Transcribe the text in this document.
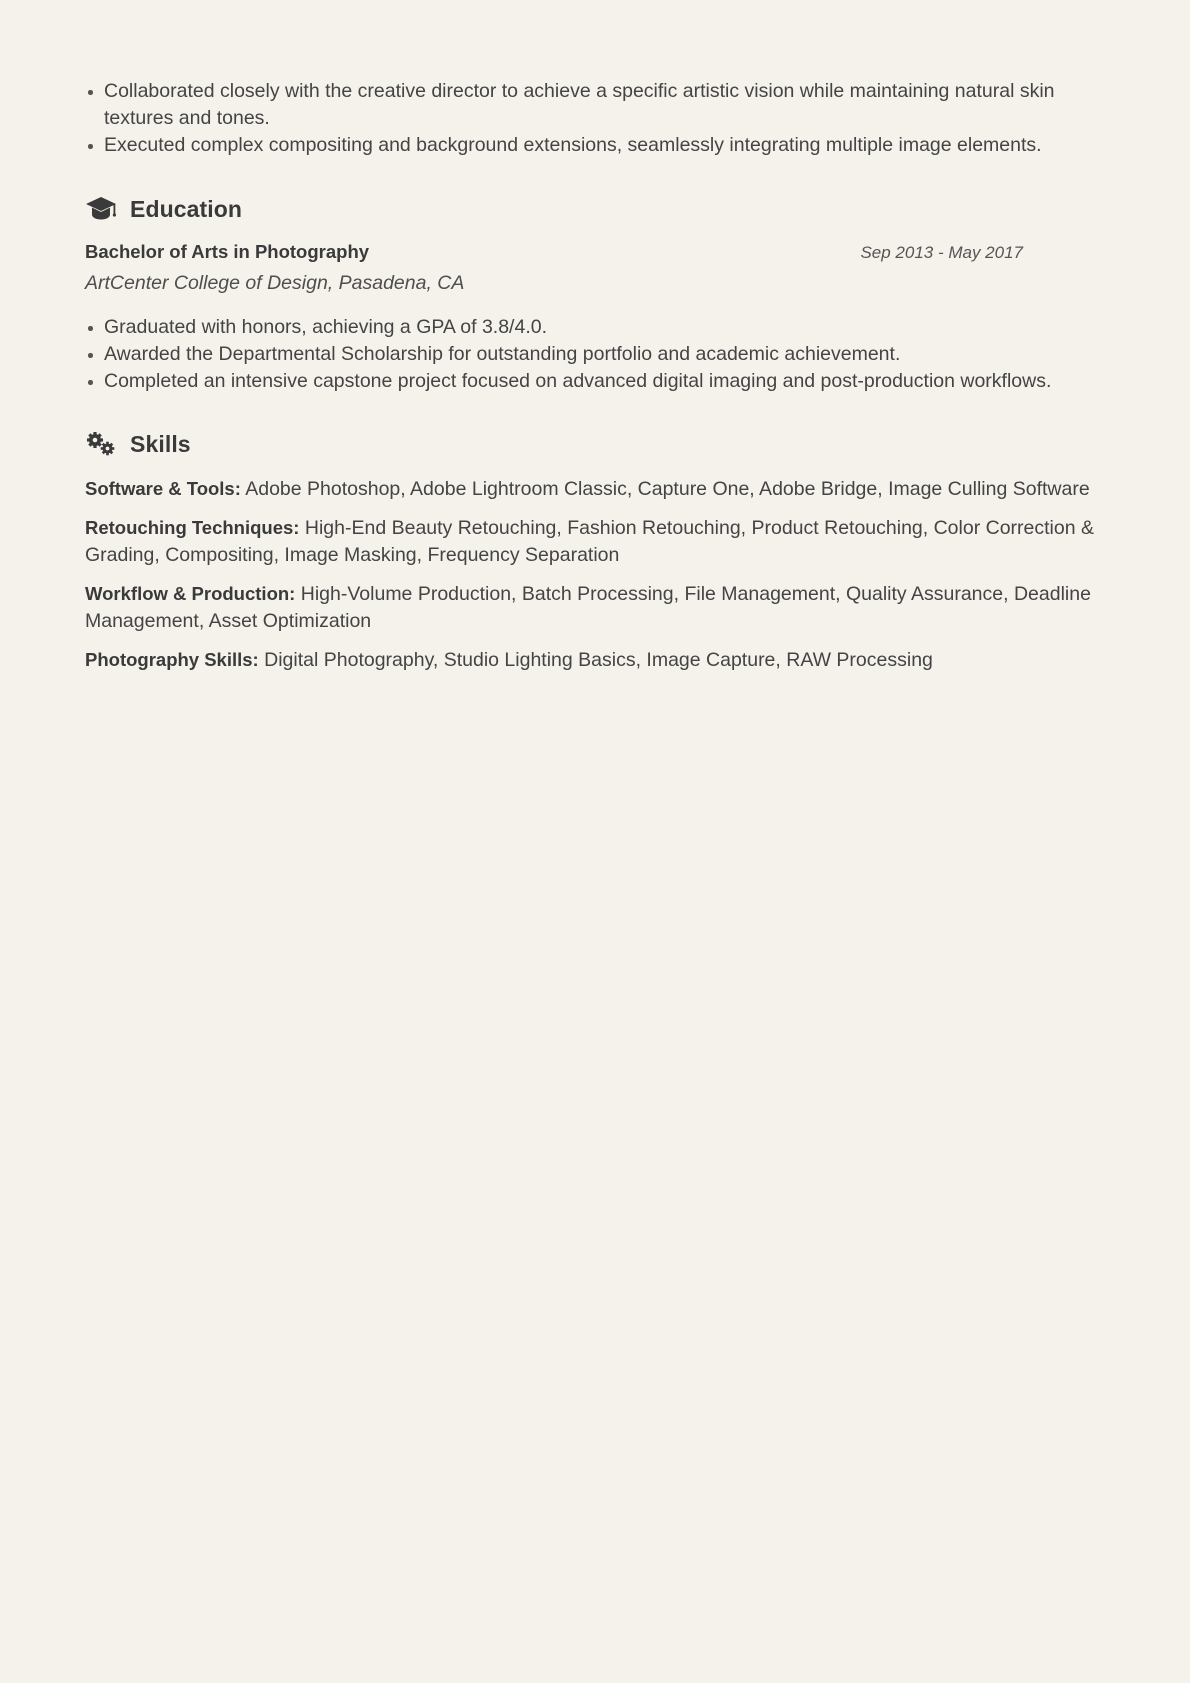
Collaborated closely with the creative director to achieve a specific artistic vision while maintaining natural skin textures and tones.
Executed complex compositing and background extensions, seamlessly integrating multiple image elements.
Education
Bachelor of Arts in Photography	Sep 2013 - May 2017
ArtCenter College of Design, Pasadena, CA
Graduated with honors, achieving a GPA of 3.8/4.0.
Awarded the Departmental Scholarship for outstanding portfolio and academic achievement.
Completed an intensive capstone project focused on advanced digital imaging and post-production workflows.
Skills
Software & Tools: Adobe Photoshop, Adobe Lightroom Classic, Capture One, Adobe Bridge, Image Culling Software
Retouching Techniques: High-End Beauty Retouching, Fashion Retouching, Product Retouching, Color Correction & Grading, Compositing, Image Masking, Frequency Separation
Workflow & Production: High-Volume Production, Batch Processing, File Management, Quality Assurance, Deadline Management, Asset Optimization
Photography Skills: Digital Photography, Studio Lighting Basics, Image Capture, RAW Processing
